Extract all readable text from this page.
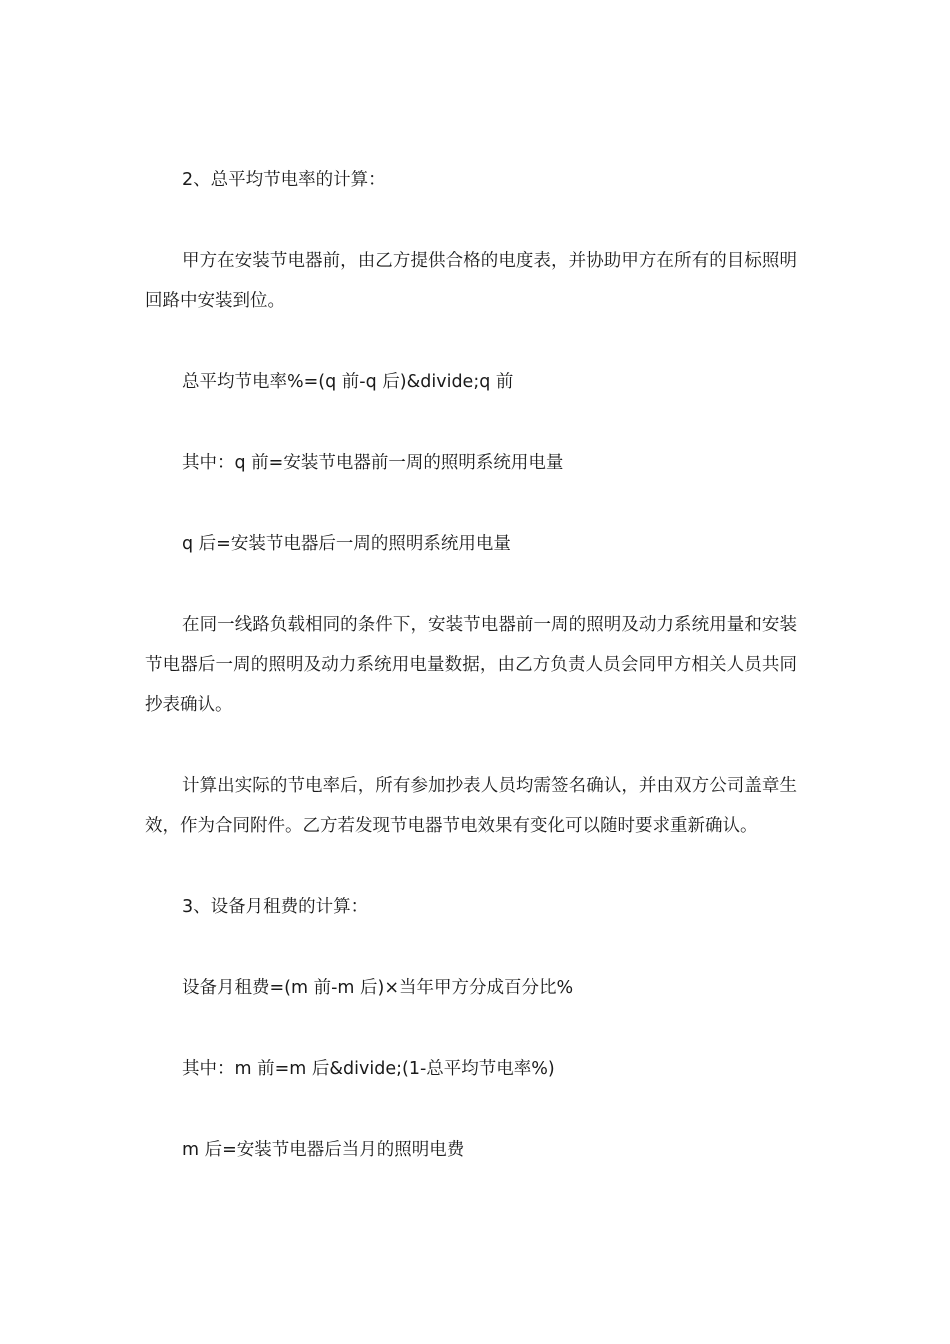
2、总平均节电率的计算：

甲方在安装节电器前，由乙方提供合格的电度表，并协助甲方在所有的目标照明回路中安装到位。

总平均节电率%=(q 前-q 后)&divide;q 前

其中：q 前=安装节电器前一周的照明系统用电量

q 后=安装节电器后一周的照明系统用电量

在同一线路负载相同的条件下，安装节电器前一周的照明及动力系统用量和安装节电器后一周的照明及动力系统用电量数据，由乙方负责人员会同甲方相关人员共同抄表确认。

计算出实际的节电率后，所有参加抄表人员均需签名确认，并由双方公司盖章生效，作为合同附件。乙方若发现节电器节电效果有变化可以随时要求重新确认。

3、设备月租费的计算：

设备月租费=(m 前-m 后)×当年甲方分成百分比%

其中：m 前=m 后&divide;(1-总平均节电率%)

m 后=安装节电器后当月的照明电费
